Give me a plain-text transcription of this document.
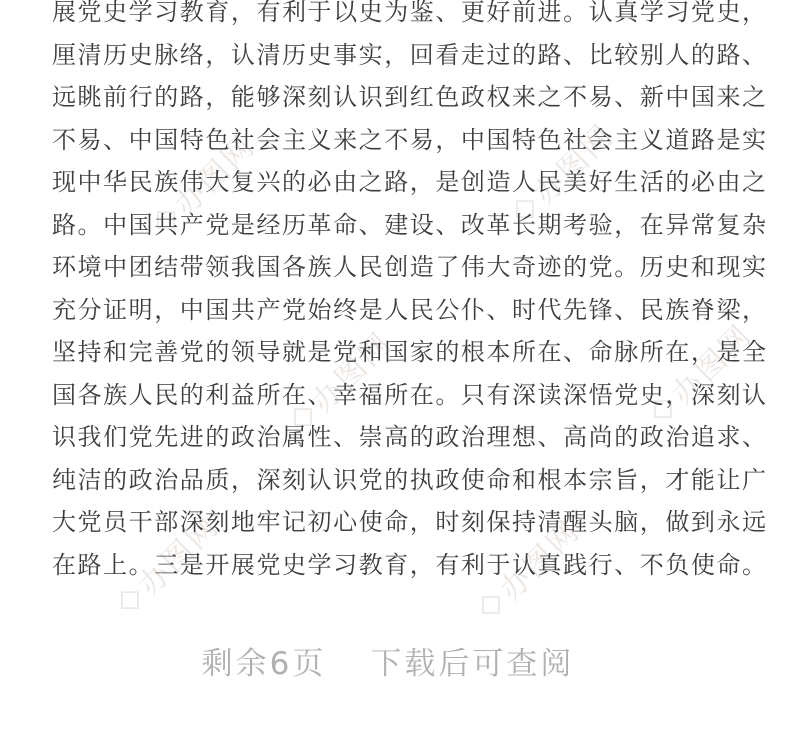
办图网	办图网
办图网	办图网
办图网	办图网
展党史学习教育，有利于以史为鉴、更好前进。认真学习党史，
厘清历史脉络，认清历史事实，回看走过的路、比较别人的路、
远眺前行的路，能够深刻认识到红色政权来之不易、新中国来之
不易、中国特色社会主义来之不易，中国特色社会主义道路是实
现中华民族伟大复兴的必由之路，是创造人民美好生活的必由之
路。中国共产党是经历革命、建设、改革长期考验，在异常复杂
环境中团结带领我国各族人民创造了伟大奇迹的党。历史和现实
充分证明，中国共产党始终是人民公仆、时代先锋、民族脊梁，
坚持和完善党的领导就是党和国家的根本所在、命脉所在，是全
国各族人民的利益所在、幸福所在。只有深读深悟党史，深刻认
识我们党先进的政治属性、崇高的政治理想、高尚的政治追求、
纯洁的政治品质，深刻认识党的执政使命和根本宗旨，才能让广
大党员干部深刻地牢记初心使命，时刻保持清醒头脑，做到永远
在路上。三是开展党史学习教育，有利于认真践行、不负使命。
剩余6页 下载后可查阅
